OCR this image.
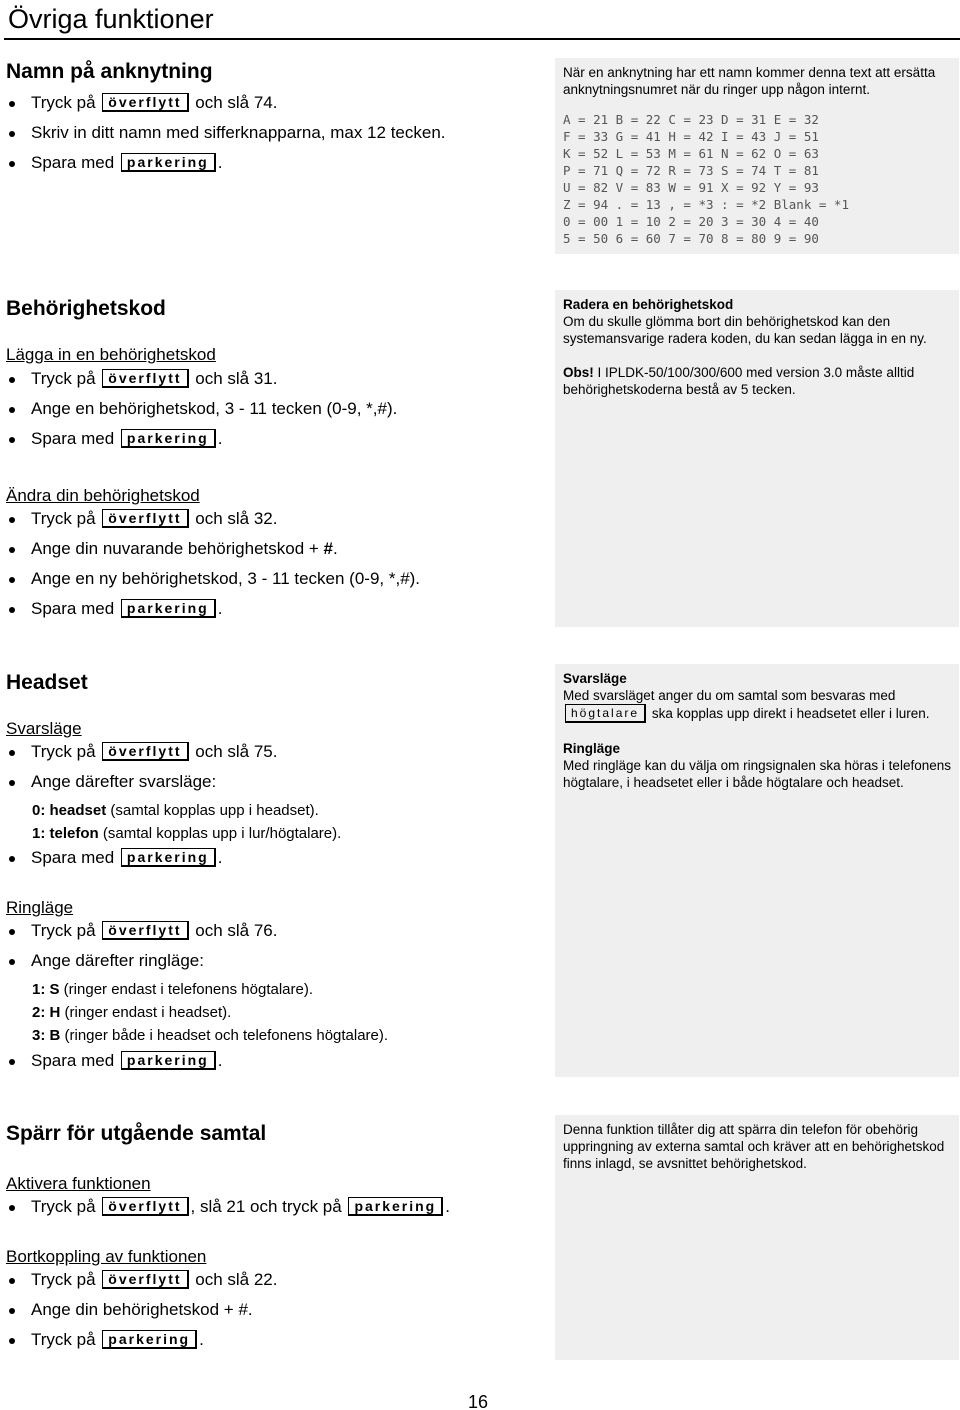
Övriga funktioner
Namn på anknytning
Tryck på överflytt och slå 74.
Skriv in ditt namn med sifferknapparna, max 12 tecken.
Spara med parkering .
När en anknytning har ett namn kommer denna text att ersätta anknytningsnumret när du ringer upp någon internt.
A = 21 B = 22 C = 23 D = 31 E = 32
F = 33 G = 41 H = 42 I = 43 J = 51
K = 52 L = 53 M = 61 N = 62 O = 63
P = 71 Q = 72 R = 73 S = 74 T = 81
U = 82 V = 83 W = 91 X = 92 Y = 93
Z = 94 . = 13 , = *3 : = *2 Blank = *1
0 = 00 1 = 10 2 = 20 3 = 30 4 = 40
5 = 50 6 = 60 7 = 70 8 = 80 9 = 90
Behörighetskod
Lägga in en behörighetskod
Tryck på överflytt och slå 31.
Ange en behörighetskod, 3 - 11 tecken (0-9, *,#).
Spara med parkering .
Ändra din behörighetskod
Tryck på överflytt och slå 32.
Ange din nuvarande behörighetskod + #.
Ange en ny behörighetskod, 3 - 11 tecken (0-9, *,#).
Spara med parkering .
Radera en behörighetskod
Om du skulle glömma bort din behörighetskod kan den systemansvarige radera koden, du kan sedan lägga in en ny.
Obs! I IPLDK-50/100/300/600 med version 3.0 måste alltid behörighetskoderna bestå av 5 tecken.
Headset
Svarsläge
Tryck på överflytt och slå 75.
Ange därefter svarsläge:
0: headset (samtal kopplas upp i headset).
1: telefon (samtal kopplas upp i lur/högtalare).
Spara med parkering .
Ringläge
Tryck på överflytt och slå 76.
Ange därefter ringläge:
1: S (ringer endast i telefonens högtalare).
2: H (ringer endast i headset).
3: B (ringer både i headset och telefonens högtalare).
Spara med parkering .
Svarsläge
Med svarsläget anger du om samtal som besvaras med högtalare ska kopplas upp direkt i headsetet eller i luren.
Ringläge
Med ringläge kan du välja om ringsignalen ska höras i telefonens högtalare, i headsetet eller i både högtalare och headset.
Spärr för utgående samtal
Aktivera funktionen
Tryck på överflytt , slå 21 och tryck på parkering .
Bortkoppling av funktionen
Tryck på överflytt och slå 22.
Ange din behörighetskod + #.
Tryck på parkering .
Denna funktion tillåter dig att spärra din telefon för obehörig uppringning av externa samtal och kräver att en behörighetskod finns inlagd, se avsnittet behörighetskod.
16
